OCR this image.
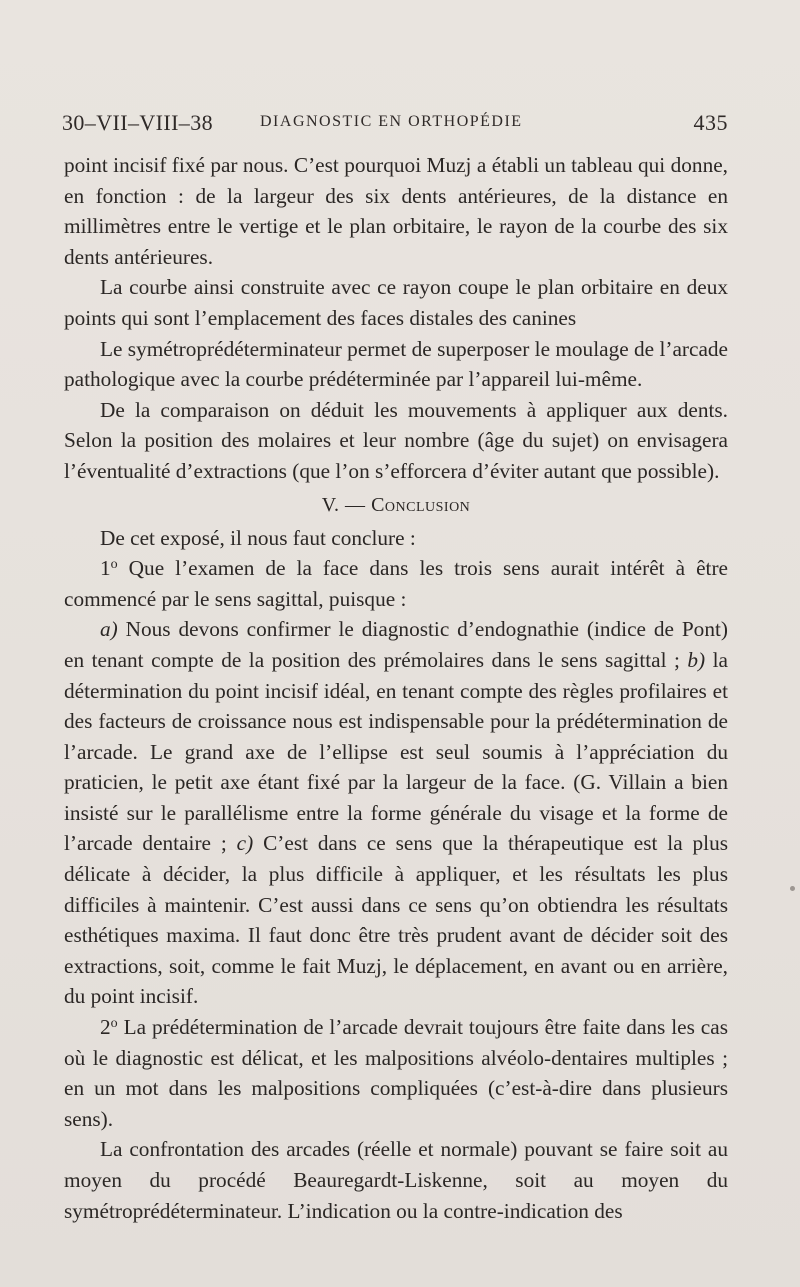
30–VII–VIII–38	DIAGNOSTIC EN ORTHOPÉDIE	435

point incisif fixé par nous. C’est pourquoi Muzj a établi un tableau qui donne, en fonction : de la largeur des six dents antérieures, de la distance en millimètres entre le vertige et le plan orbitaire, le rayon de la courbe des six dents antérieures.

La courbe ainsi construite avec ce rayon coupe le plan orbitaire en deux points qui sont l’emplacement des faces distales des canines

Le symétroprédéterminateur permet de superposer le moulage de l’arcade pathologique avec la courbe prédéterminée par l’appareil lui-même.

De la comparaison on déduit les mouvements à appliquer aux dents. Selon la position des molaires et leur nombre (âge du sujet) on envisagera l’éventualité d’extractions (que l’on s’efforcera d’éviter autant que possible).

V. — Conclusion

De cet exposé, il nous faut conclure :

1$^o$ Que l’examen de la face dans les trois sens aurait intérêt à être commencé par le sens sagittal, puisque :

a) Nous devons confirmer le diagnostic d’endognathie (indice de Pont) en tenant compte de la position des prémolaires dans le sens sagittal ; b) la détermination du point incisif idéal, en tenant compte des règles profilaires et des facteurs de croissance nous est indispensable pour la prédétermination de l’arcade. Le grand axe de l’ellipse est seul soumis à l’appréciation du praticien, le petit axe étant fixé par la largeur de la face. (G. Villain a bien insisté sur le parallélisme entre la forme générale du visage et la forme de l’arcade dentaire ; c) C’est dans ce sens que la thérapeutique est la plus délicate à décider, la plus difficile à appliquer, et les résultats les plus difficiles à maintenir. C’est aussi dans ce sens qu’on obtiendra les résultats esthétiques maxima. Il faut donc être très prudent avant de décider soit des extractions, soit, comme le fait Muzj, le déplacement, en avant ou en arrière, du point incisif.

2$^o$ La prédétermination de l’arcade devrait toujours être faite dans les cas où le diagnostic est délicat, et les malpositions alvéolo-dentaires multiples ; en un mot dans les malpositions compliquées (c’est-à-dire dans plusieurs sens).

La confrontation des arcades (réelle et normale) pouvant se faire soit au moyen du procédé Beauregardt-Liskenne, soit au moyen du symétroprédéterminateur. L’indication ou la contre-indication des
